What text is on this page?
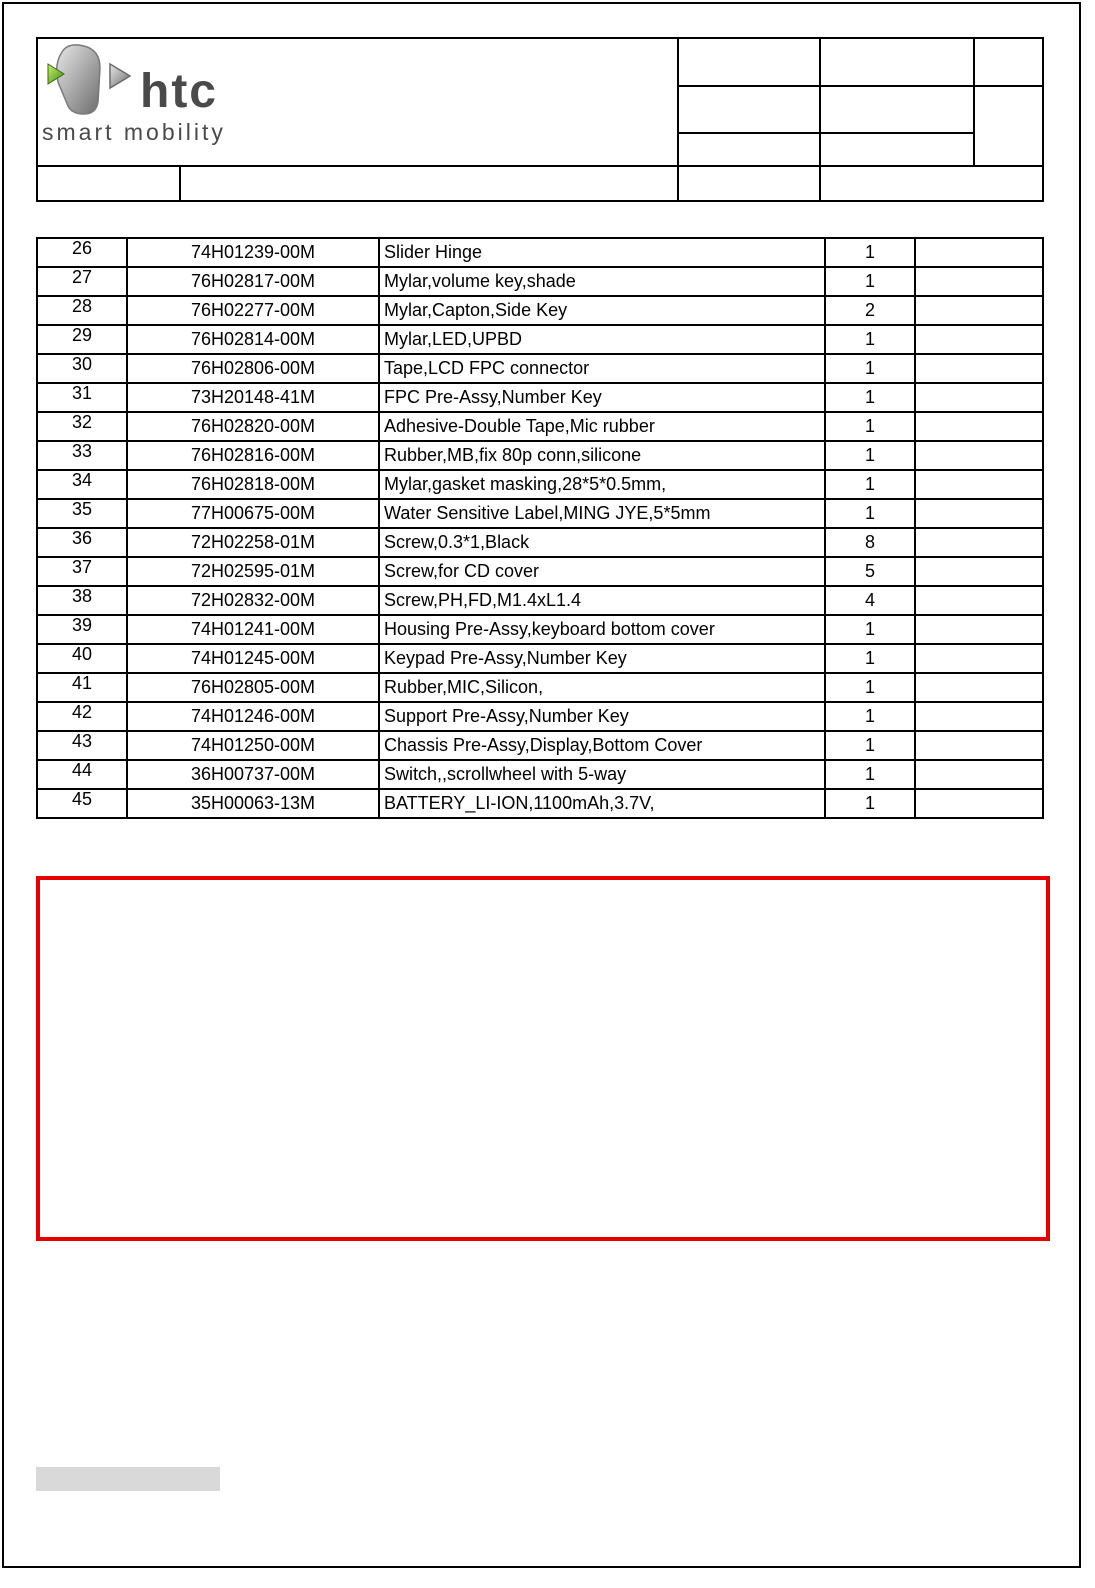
htc
smart mobility
26	74H01239-00M	Slider Hinge	1	
27	76H02817-00M	Mylar,volume key,shade	1	
28	76H02277-00M	Mylar,Capton,Side Key	2	
29	76H02814-00M	Mylar,LED,UPBD	1	
30	76H02806-00M	Tape,LCD FPC connector	1	
31	73H20148-41M	FPC Pre-Assy,Number Key	1	
32	76H02820-00M	Adhesive-Double Tape,Mic rubber	1	
33	76H02816-00M	Rubber,MB,fix 80p conn,silicone	1	
34	76H02818-00M	Mylar,gasket masking,28*5*0.5mm,	1	
35	77H00675-00M	Water Sensitive Label,MING JYE,5*5mm	1	
36	72H02258-01M	Screw,0.3*1,Black	8	
37	72H02595-01M	Screw,for CD cover	5	
38	72H02832-00M	Screw,PH,FD,M1.4xL1.4	4	
39	74H01241-00M	Housing Pre-Assy,keyboard bottom cover	1	
40	74H01245-00M	Keypad Pre-Assy,Number Key	1	
41	76H02805-00M	Rubber,MIC,Silicon,	1	
42	74H01246-00M	Support Pre-Assy,Number Key	1	
43	74H01250-00M	Chassis Pre-Assy,Display,Bottom Cover	1	
44	36H00737-00M	Switch,,scrollwheel with 5-way	1	
45	35H00063-13M	BATTERY_LI-ION,1100mAh,3.7V,	1	
